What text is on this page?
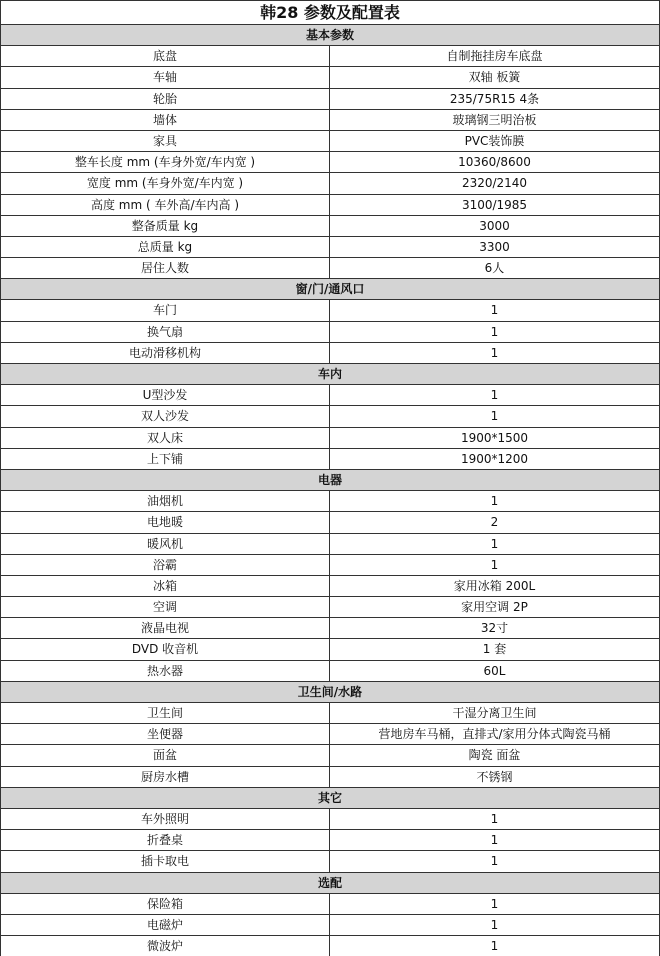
韩28 参数及配置表
基本参数
底盘	自制拖挂房车底盘
车轴	双轴 板簧
轮胎	235/75R15 4条
墙体	玻璃钢三明治板
家具	PVC装饰膜
整车长度 mm (车身外宽/车内宽 )	10360/8600
宽度 mm (车身外宽/车内宽 )	2320/2140
高度 mm ( 车外高/车内高 )	3100/1985
整备质量 kg	3000
总质量 kg	3300
居住人数	6人
窗/门/通风口
车门	1
换气扇	1
电动滑移机构	1
车内
U型沙发	1
双人沙发	1
双人床	1900*1500
上下铺	1900*1200
电器
油烟机	1
电地暖	2
暖风机	1
浴霸	1
冰箱	家用冰箱 200L
空调	家用空调 2P
液晶电视	32寸
DVD 收音机	1 套
热水器	60L
卫生间/水路
卫生间	干湿分离卫生间
坐便器	营地房车马桶，直排式/家用分体式陶瓷马桶
面盆	陶瓷 面盆
厨房水槽	不锈钢
其它
车外照明	1
折叠桌	1
插卡取电	1
选配
保险箱	1
电磁炉	1
微波炉	1
